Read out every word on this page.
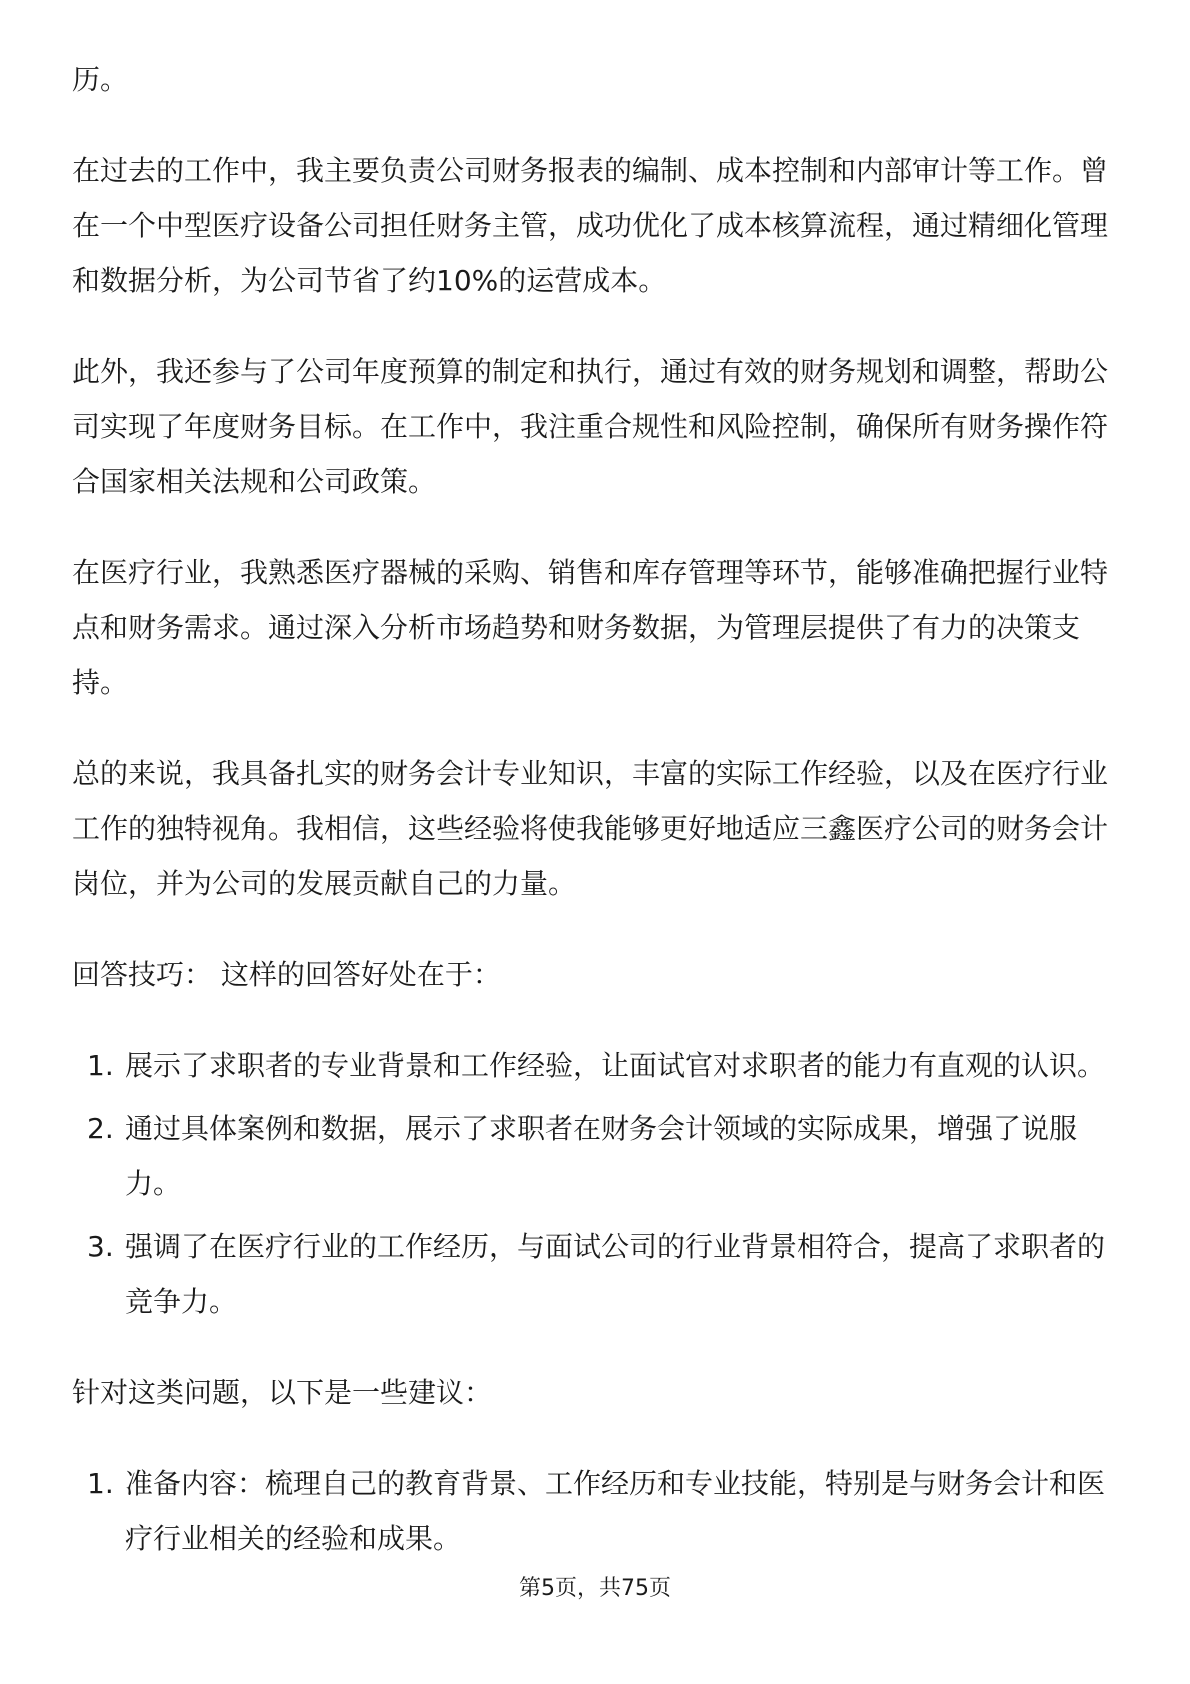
历。

在过去的工作中，我主要负责公司财务报表的编制、成本控制和内部审计等工作。曾在一个中型医疗设备公司担任财务主管，成功优化了成本核算流程，通过精细化管理和数据分析，为公司节省了约10%的运营成本。

此外，我还参与了公司年度预算的制定和执行，通过有效的财务规划和调整，帮助公司实现了年度财务目标。在工作中，我注重合规性和风险控制，确保所有财务操作符合国家相关法规和公司政策。

在医疗行业，我熟悉医疗器械的采购、销售和库存管理等环节，能够准确把握行业特点和财务需求。通过深入分析市场趋势和财务数据，为管理层提供了有力的决策支持。

总的来说，我具备扎实的财务会计专业知识，丰富的实际工作经验，以及在医疗行业工作的独特视角。我相信，这些经验将使我能够更好地适应三鑫医疗公司的财务会计岗位，并为公司的发展贡献自己的力量。

回答技巧： 这样的回答好处在于：

1. 展示了求职者的专业背景和工作经验，让面试官对求职者的能力有直观的认识。
2. 通过具体案例和数据，展示了求职者在财务会计领域的实际成果，增强了说服力。
3. 强调了在医疗行业的工作经历，与面试公司的行业背景相符合，提高了求职者的竞争力。

针对这类问题，以下是一些建议：

1. 准备内容：梳理自己的教育背景、工作经历和专业技能，特别是与财务会计和医疗行业相关的经验和成果。
第5页，共75页
